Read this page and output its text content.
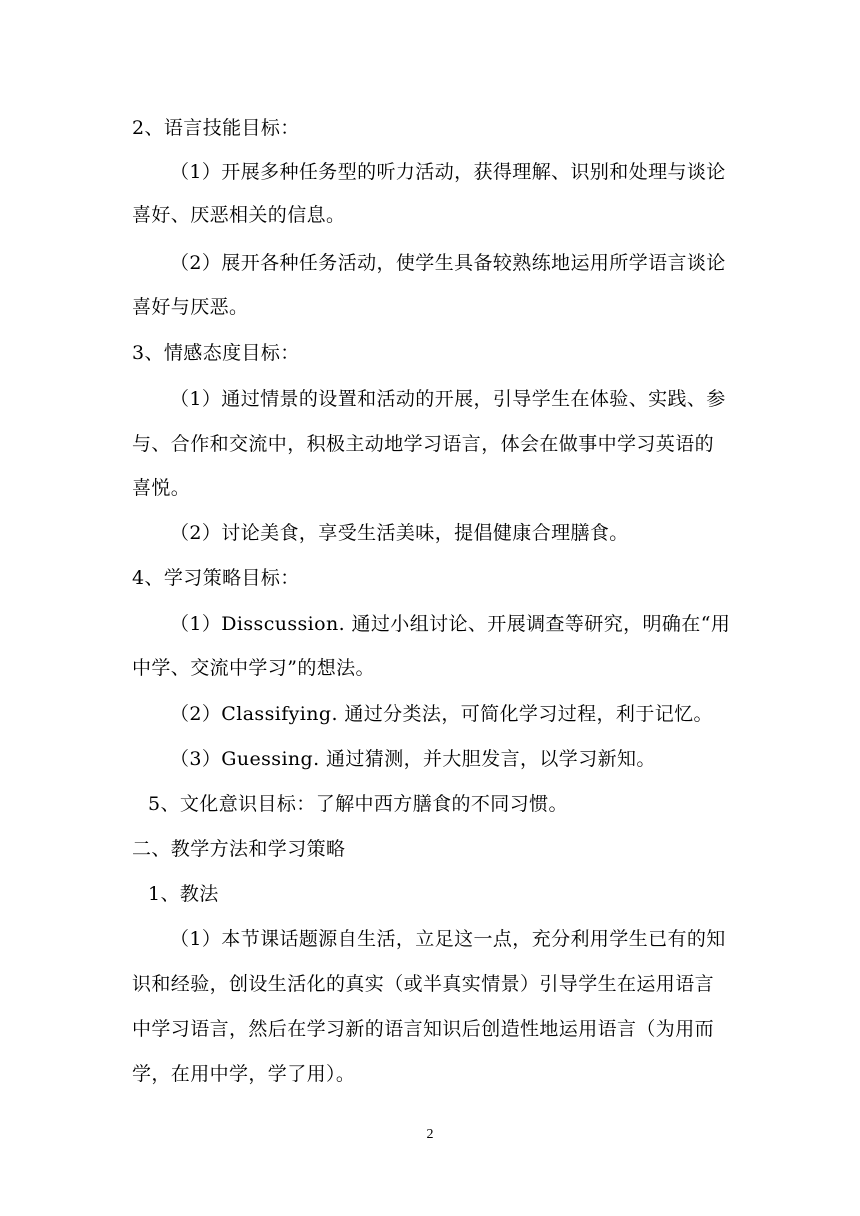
2、语言技能目标：
（1）开展多种任务型的听力活动，获得理解、识别和处理与谈论
喜好、厌恶相关的信息。
（2）展开各种任务活动，使学生具备较熟练地运用所学语言谈论
喜好与厌恶。
3、情感态度目标：
（1）通过情景的设置和活动的开展，引导学生在体验、实践、参
与、合作和交流中，积极主动地学习语言，体会在做事中学习英语的
喜悦。
（2）讨论美食，享受生活美味，提倡健康合理膳食。
4、学习策略目标：
（1）Disscussion. 通过小组讨论、开展调查等研究，明确在“用
中学、交流中学习”的想法。
（2）Classifying. 通过分类法，可简化学习过程，利于记忆。
（3）Guessing. 通过猜测，并大胆发言，以学习新知。
5、文化意识目标：了解中西方膳食的不同习惯。
二、教学方法和学习策略
1、教法
（1）本节课话题源自生活，立足这一点，充分利用学生已有的知
识和经验，创设生活化的真实（或半真实情景）引导学生在运用语言
中学习语言，然后在学习新的语言知识后创造性地运用语言（为用而
学，在用中学，学了用）。
2
